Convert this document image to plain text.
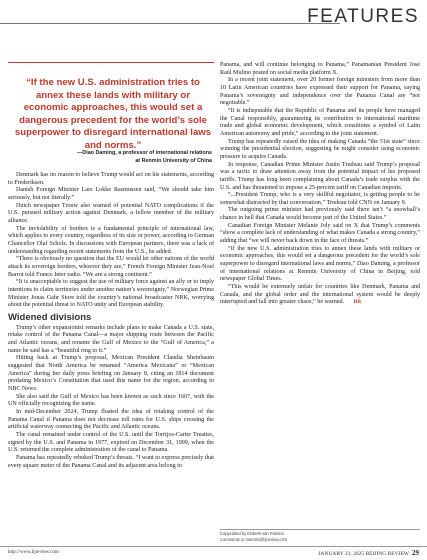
FEATURES
“If the new U.S. administration tries to annex these lands with military or economic approaches, this would set a dangerous precedent for the world’s sole superpower to disregard international laws and norms.”
—Diao Daming, a professor of international relations
at Renmin University of China

Denmark has no reason to believe Trump would act on his statements, according to Frederiksen.

Danish Foreign Minister Lars Lokke Rasmussen said, “We should take him seriously, but not literally.”

Dutch newspaper Trouw also warned of potential NATO complications if the U.S. pursued military action against Denmark, a fellow member of the military alliance.

The inviolability of borders is a fundamental principle of international law, which applies to every country, regardless of its size or power, according to German Chancellor Olaf Scholz. In discussions with European partners, there was a lack of understanding regarding recent statements from the U.S., he added.

“There is obviously no question that the EU would let other nations of the world attack its sovereign borders, whoever they are,” French Foreign Minister Jean-Noel Barrot told France Inter radio. “We are a strong continent.”

“It is unacceptable to suggest the use of military force against an ally or to imply intentions to claim territories under another nation’s sovereignty,” Norwegian Prime Minister Jonas Gahr Store told the country’s national broadcaster NRK, worrying about the potential threat to NATO unity and European stability.

Widened divisions

Trump’s other expansionist remarks include plans to make Canada a U.S. state, retake control of the Panama Canal—a major shipping route between the Pacific and Atlantic oceans, and rename the Gulf of Mexico to the “Gulf of America,” a name he said has a “beautiful ring to it.”

Hitting back at Trump’s proposal, Mexican President Claudia Sheinbaum suggested that North America be renamed “America Mexicana” or “Mexican America” during her daily press briefing on January 8, citing an 1814 document predating Mexico’s Constitution that used this name for the region, according to NBC News.

She also said the Gulf of Mexico has been known as such since 1607, with the UN officially recognizing the name.

In mid-December 2024, Trump floated the idea of retaking control of the Panama Canal if Panama does not decrease toll rates for U.S. ships crossing the artificial waterway connecting the Pacific and Atlantic oceans.

The canal remained under control of the U.S. until the Torrijos-Carter Treaties, signed by the U.S. and Panama in 1977, expired on December 31, 1999, when the U.S. returned the complete administration of the canal to Panama.

Panama has repeatedly rebuked Trump’s threats. “I want to express precisely that every square meter of the Panama Canal and its adjacent area belong to

Panama, and will continue belonging to Panama,” Panamanian President José Raúl Mulino posted on social media platform X.

In a recent joint statement, over 20 former foreign ministers from more than 10 Latin American countries have expressed their support for Panama, saying Panama’s sovereignty and independence over the Panama Canal are “not negotiable.”

“It is indisputable that the Republic of Panama and its people have managed the Canal responsibly, guaranteeing its contribution to international maritime trade and global economic development, which constitutes a symbol of Latin American autonomy and pride,” according to the joint statement.

Trump has repeatedly raised the idea of making Canada “the 51st state” since winning the presidential election, suggesting he might consider using economic pressure to acquire Canada.

In response, Canadian Prime Minister Justin Trudeau said Trump’s proposal was a tactic to draw attention away from the potential impact of his proposed tariffs. Trump has long been complaining about Canada’s trade surplus with the U.S. and has threatened to impose a 25-percent tariff on Canadian imports.

“...President Trump, who is a very skillful negotiator, is getting people to be somewhat distracted by that conversation,” Trudeau told CNN on January 9.

The outgoing prime minister had previously said there isn’t “a snowball’s chance in hell that Canada would become part of the United States.”

Canadian Foreign Minister Melanie Joly said on X that Trump’s comments “show a complete lack of understanding of what makes Canada a strong country,” adding that “we will never back down in the face of threats.”

“If the new U.S. administration tries to annex these lands with military or economic approaches, this would set a dangerous precedent for the world’s sole superpower to disregard international laws and norms,” Diao Daming, a professor of international relations at Renmin University of China in Beijing, told newspaper Global Times.

“This would be extremely unfair for countries like Denmark, Panama and Canada, and the global order and the international system would be deeply interrupted and fall into greater chaos,” he warned. BR

Copyedited by Elsbeth van Paridon
Comments to marmin@bjreview.com
http://www.bjreview.com	JANUARY 23, 2025 BEIJING REVIEW 29
